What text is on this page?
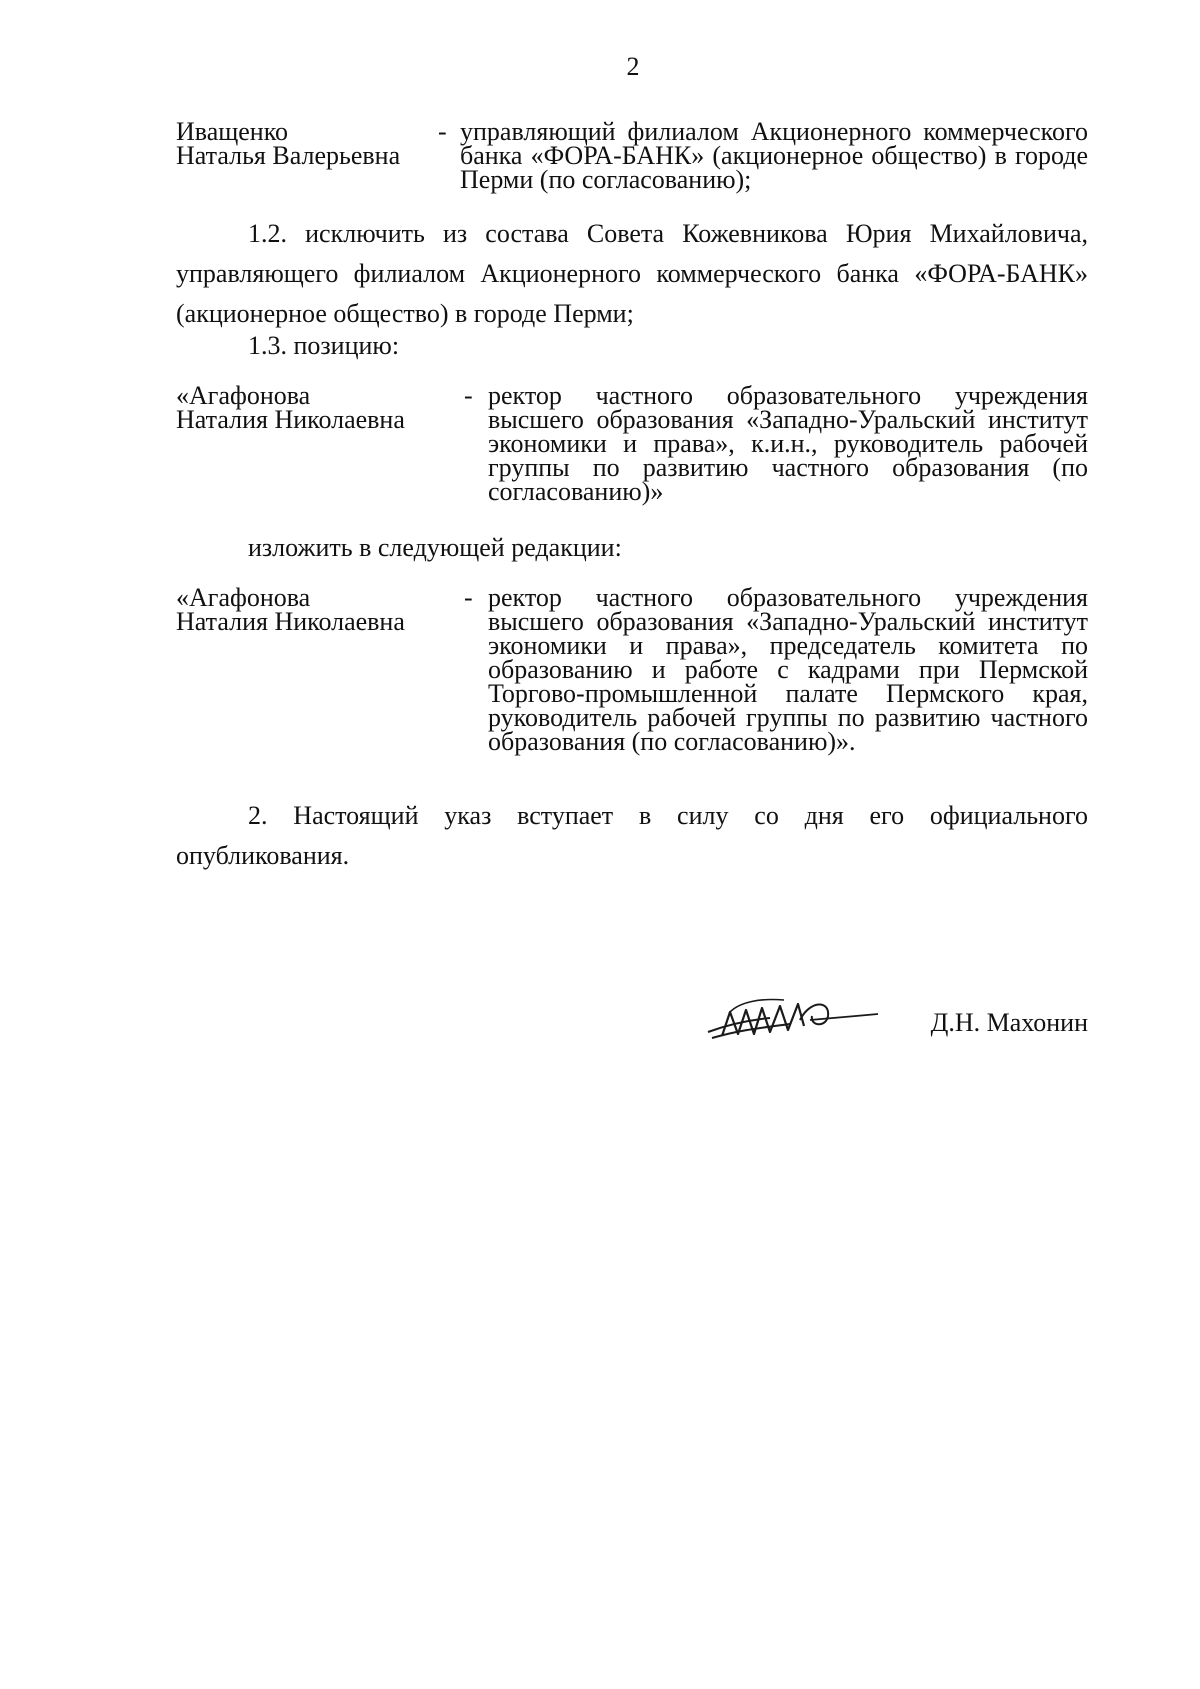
2
Иващенко
Наталья Валерьевна
- управляющий филиалом Акционерного коммерческого банка «ФОРА-БАНК» (акционерное общество) в городе Перми (по согласованию);
1.2. исключить из состава Совета Кожевникова Юрия Михайловича, управляющего филиалом Акционерного коммерческого банка «ФОРА-БАНК» (акционерное общество) в городе Перми;
1.3. позицию:
«Агафонова
Наталия Николаевна
- ректор частного образовательного учреждения высшего образования «Западно-Уральский институт экономики и права», к.и.н., руководитель рабочей группы по развитию частного образования (по согласованию)»
изложить в следующей редакции:
«Агафонова
Наталия Николаевна
- ректор частного образовательного учреждения высшего образования «Западно-Уральский институт экономики и права», председатель комитета по образованию и работе с кадрами при Пермской Торгово-промышленной палате Пермского края, руководитель рабочей группы по развитию частного образования (по согласованию)».
2. Настоящий указ вступает в силу со дня его официального опубликования.
Д.Н. Махонин
